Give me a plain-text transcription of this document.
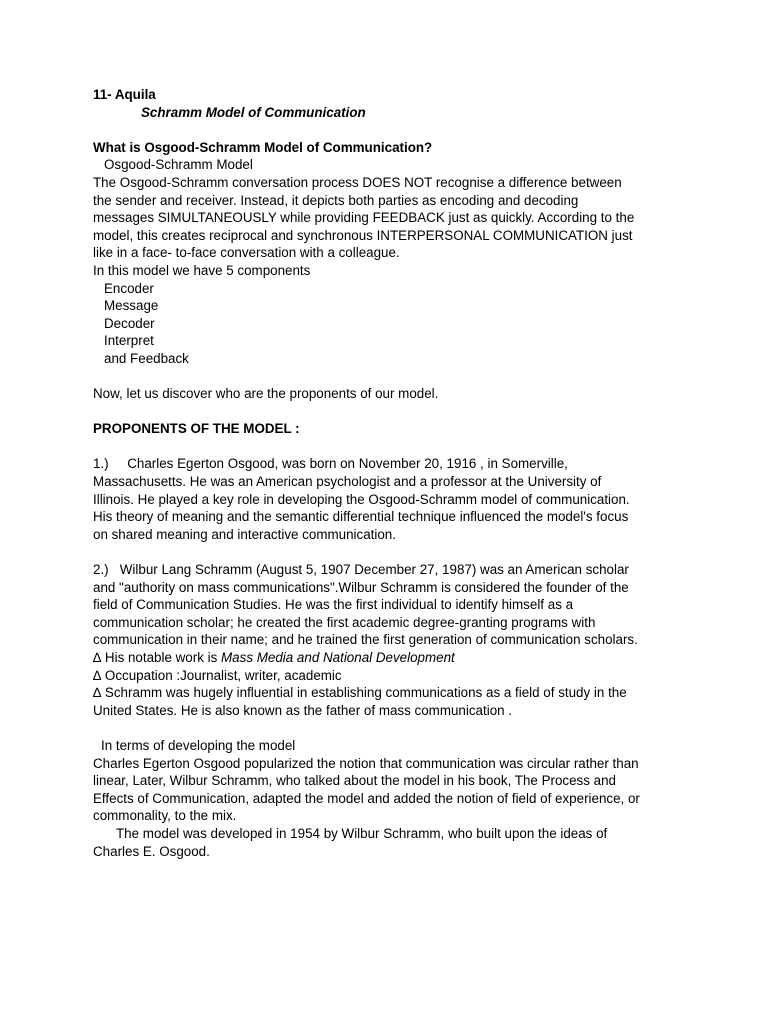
11- Aquila
Schramm Model of Communication
What is Osgood-Schramm Model of Communication?
Osgood-Schramm Model
The Osgood-Schramm conversation process DOES NOT recognise a difference between
the sender and receiver. Instead, it depicts both parties as encoding and decoding
messages SIMULTANEOUSLY while providing FEEDBACK just as quickly. According to the
model, this creates reciprocal and synchronous INTERPERSONAL COMMUNICATION just
like in a face- to-face conversation with a colleague.
In this model we have 5 components
Encoder
Message
Decoder
Interpret
and Feedback
Now, let us discover who are the proponents of our model.
PROPONENTS OF THE MODEL :
1.)     Charles Egerton Osgood, was born on November 20, 1916 , in Somerville,
Massachusetts. He was an American psychologist and a professor at the University of
Illinois. He played a key role in developing the Osgood-Schramm model of communication.
His theory of meaning and the semantic differential technique influenced the model's focus
on shared meaning and interactive communication.
2.)   Wilbur Lang Schramm (August 5, 1907 December 27, 1987) was an American scholar
and "authority on mass communications".Wilbur Schramm is considered the founder of the
field of Communication Studies. He was the first individual to identify himself as a
communication scholar; he created the first academic degree-granting programs with
communication in their name; and he trained the first generation of communication scholars.
∆ His notable work is Mass Media and National Development
∆ Occupation :Journalist, writer, academic
∆ Schramm was hugely influential in establishing communications as a field of study in the
United States. He is also known as the father of mass communication .
In terms of developing the model
Charles Egerton Osgood popularized the notion that communication was circular rather than
linear, Later, Wilbur Schramm, who talked about the model in his book, The Process and
Effects of Communication, adapted the model and added the notion of field of experience, or
commonality, to the mix.
The model was developed in 1954 by Wilbur Schramm, who built upon the ideas of
Charles E. Osgood.
